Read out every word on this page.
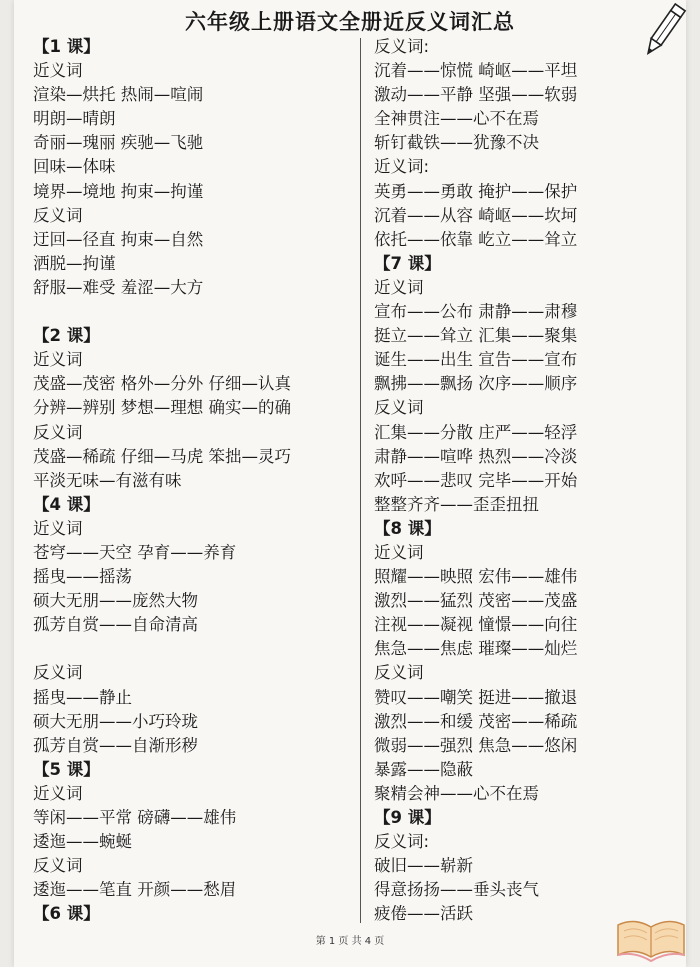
六年级上册语文全册近反义词汇总
【1 课】
近义词
渲染—烘托 热闹—喧闹
明朗—晴朗
奇丽—瑰丽 疾驰—飞驰
回味—体味
境界—境地 拘束—拘谨
反义词
迂回—径直 拘束—自然
洒脱—拘谨
舒服—难受 羞涩—大方
【2 课】
近义词
茂盛—茂密 格外—分外 仔细—认真
分辨—辨别 梦想—理想 确实—的确
反义词
茂盛—稀疏 仔细—马虎 笨拙—灵巧
平淡无味—有滋有味
【4 课】
近义词
苍穹——天空 孕育——养育
摇曳——摇荡
硕大无朋——庞然大物
孤芳自赏——自命清高
反义词
摇曳——静止
硕大无朋——小巧玲珑
孤芳自赏——自渐形秽
【5 课】
近义词
等闲——平常 磅礴——雄伟
逶迤——蜿蜒
反义词
逶迤——笔直 开颜——愁眉
【6 课】
反义词:
沉着——惊慌 崎岖——平坦
激动——平静 坚强——软弱
全神贯注——心不在焉
斩钉截铁——犹豫不决
近义词:
英勇——勇敢 掩护——保护
沉着——从容 崎岖——坎坷
依托——依靠 屹立——耸立
【7 课】
近义词
宣布——公布 肃静——肃穆
挺立——耸立 汇集——聚集
诞生——出生 宣告——宣布
飘拂——飘扬 次序——顺序
反义词
汇集——分散 庄严——轻浮
肃静——喧哗 热烈——冷淡
欢呼——悲叹 完毕——开始
整整齐齐——歪歪扭扭
【8 课】
近义词
照耀——映照 宏伟——雄伟
激烈——猛烈 茂密——茂盛
注视——凝视 憧憬——向往
焦急——焦虑 璀璨——灿烂
反义词
赞叹——嘲笑 挺进——撤退
激烈——和缓 茂密——稀疏
微弱——强烈 焦急——悠闲
暴露——隐蔽
聚精会神——心不在焉
【9 课】
反义词:
破旧——崭新
得意扬扬——垂头丧气
疲倦——活跃
第 1 页 共 4 页
